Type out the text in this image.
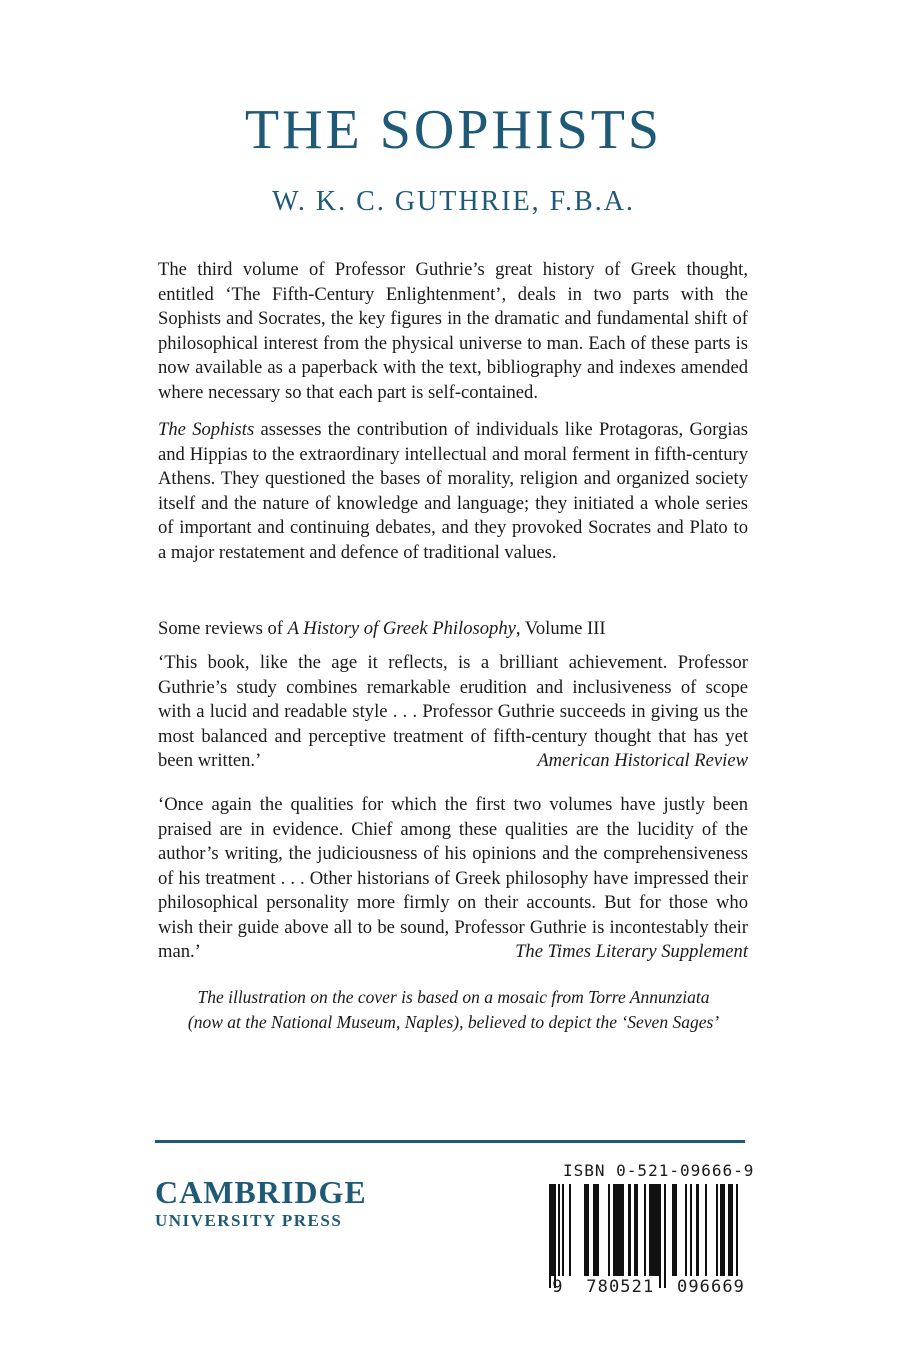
THE SOPHISTS
W. K. C. GUTHRIE, F.B.A.

The third volume of Professor Guthrie’s great history of Greek thought, entitled ‘The Fifth-Century Enlightenment’, deals in two parts with the Sophists and Socrates, the key figures in the dramatic and fundamental shift of philosophical interest from the physical universe to man. Each of these parts is now available as a paperback with the text, bibliography and indexes amended where necessary so that each part is self-contained.

The Sophists assesses the contribution of individuals like Protagoras, Gorgias and Hippias to the extraordinary intellectual and moral ferment in fifth-century Athens. They questioned the bases of morality, religion and organized society itself and the nature of knowledge and language; they initiated a whole series of important and continuing debates, and they provoked Socrates and Plato to a major restatement and defence of traditional values.

Some reviews of A History of Greek Philosophy, Volume III

‘This book, like the age it reflects, is a brilliant achievement. Professor Guthrie’s study combines remarkable erudition and inclusiveness of scope with a lucid and readable style . . . Professor Guthrie succeeds in giving us the most balanced and perceptive treatment of fifth-century thought that has yet been written.’	American Historical Review

‘Once again the qualities for which the first two volumes have justly been praised are in evidence. Chief among these qualities are the lucidity of the author’s writing, the judiciousness of his opinions and the comprehensiveness of his treatment . . . Other historians of Greek philosophy have impressed their philosophical personality more firmly on their accounts. But for those who wish their guide above all to be sound, Professor Guthrie is incontestably their man.’	The Times Literary Supplement

The illustration on the cover is based on a mosaic from Torre Annunziata
(now at the National Museum, Naples), believed to depict the ‘Seven Sages’
CAMBRIDGE
UNIVERSITY PRESS
ISBN 0-521-09666-9
9   780521   096669
